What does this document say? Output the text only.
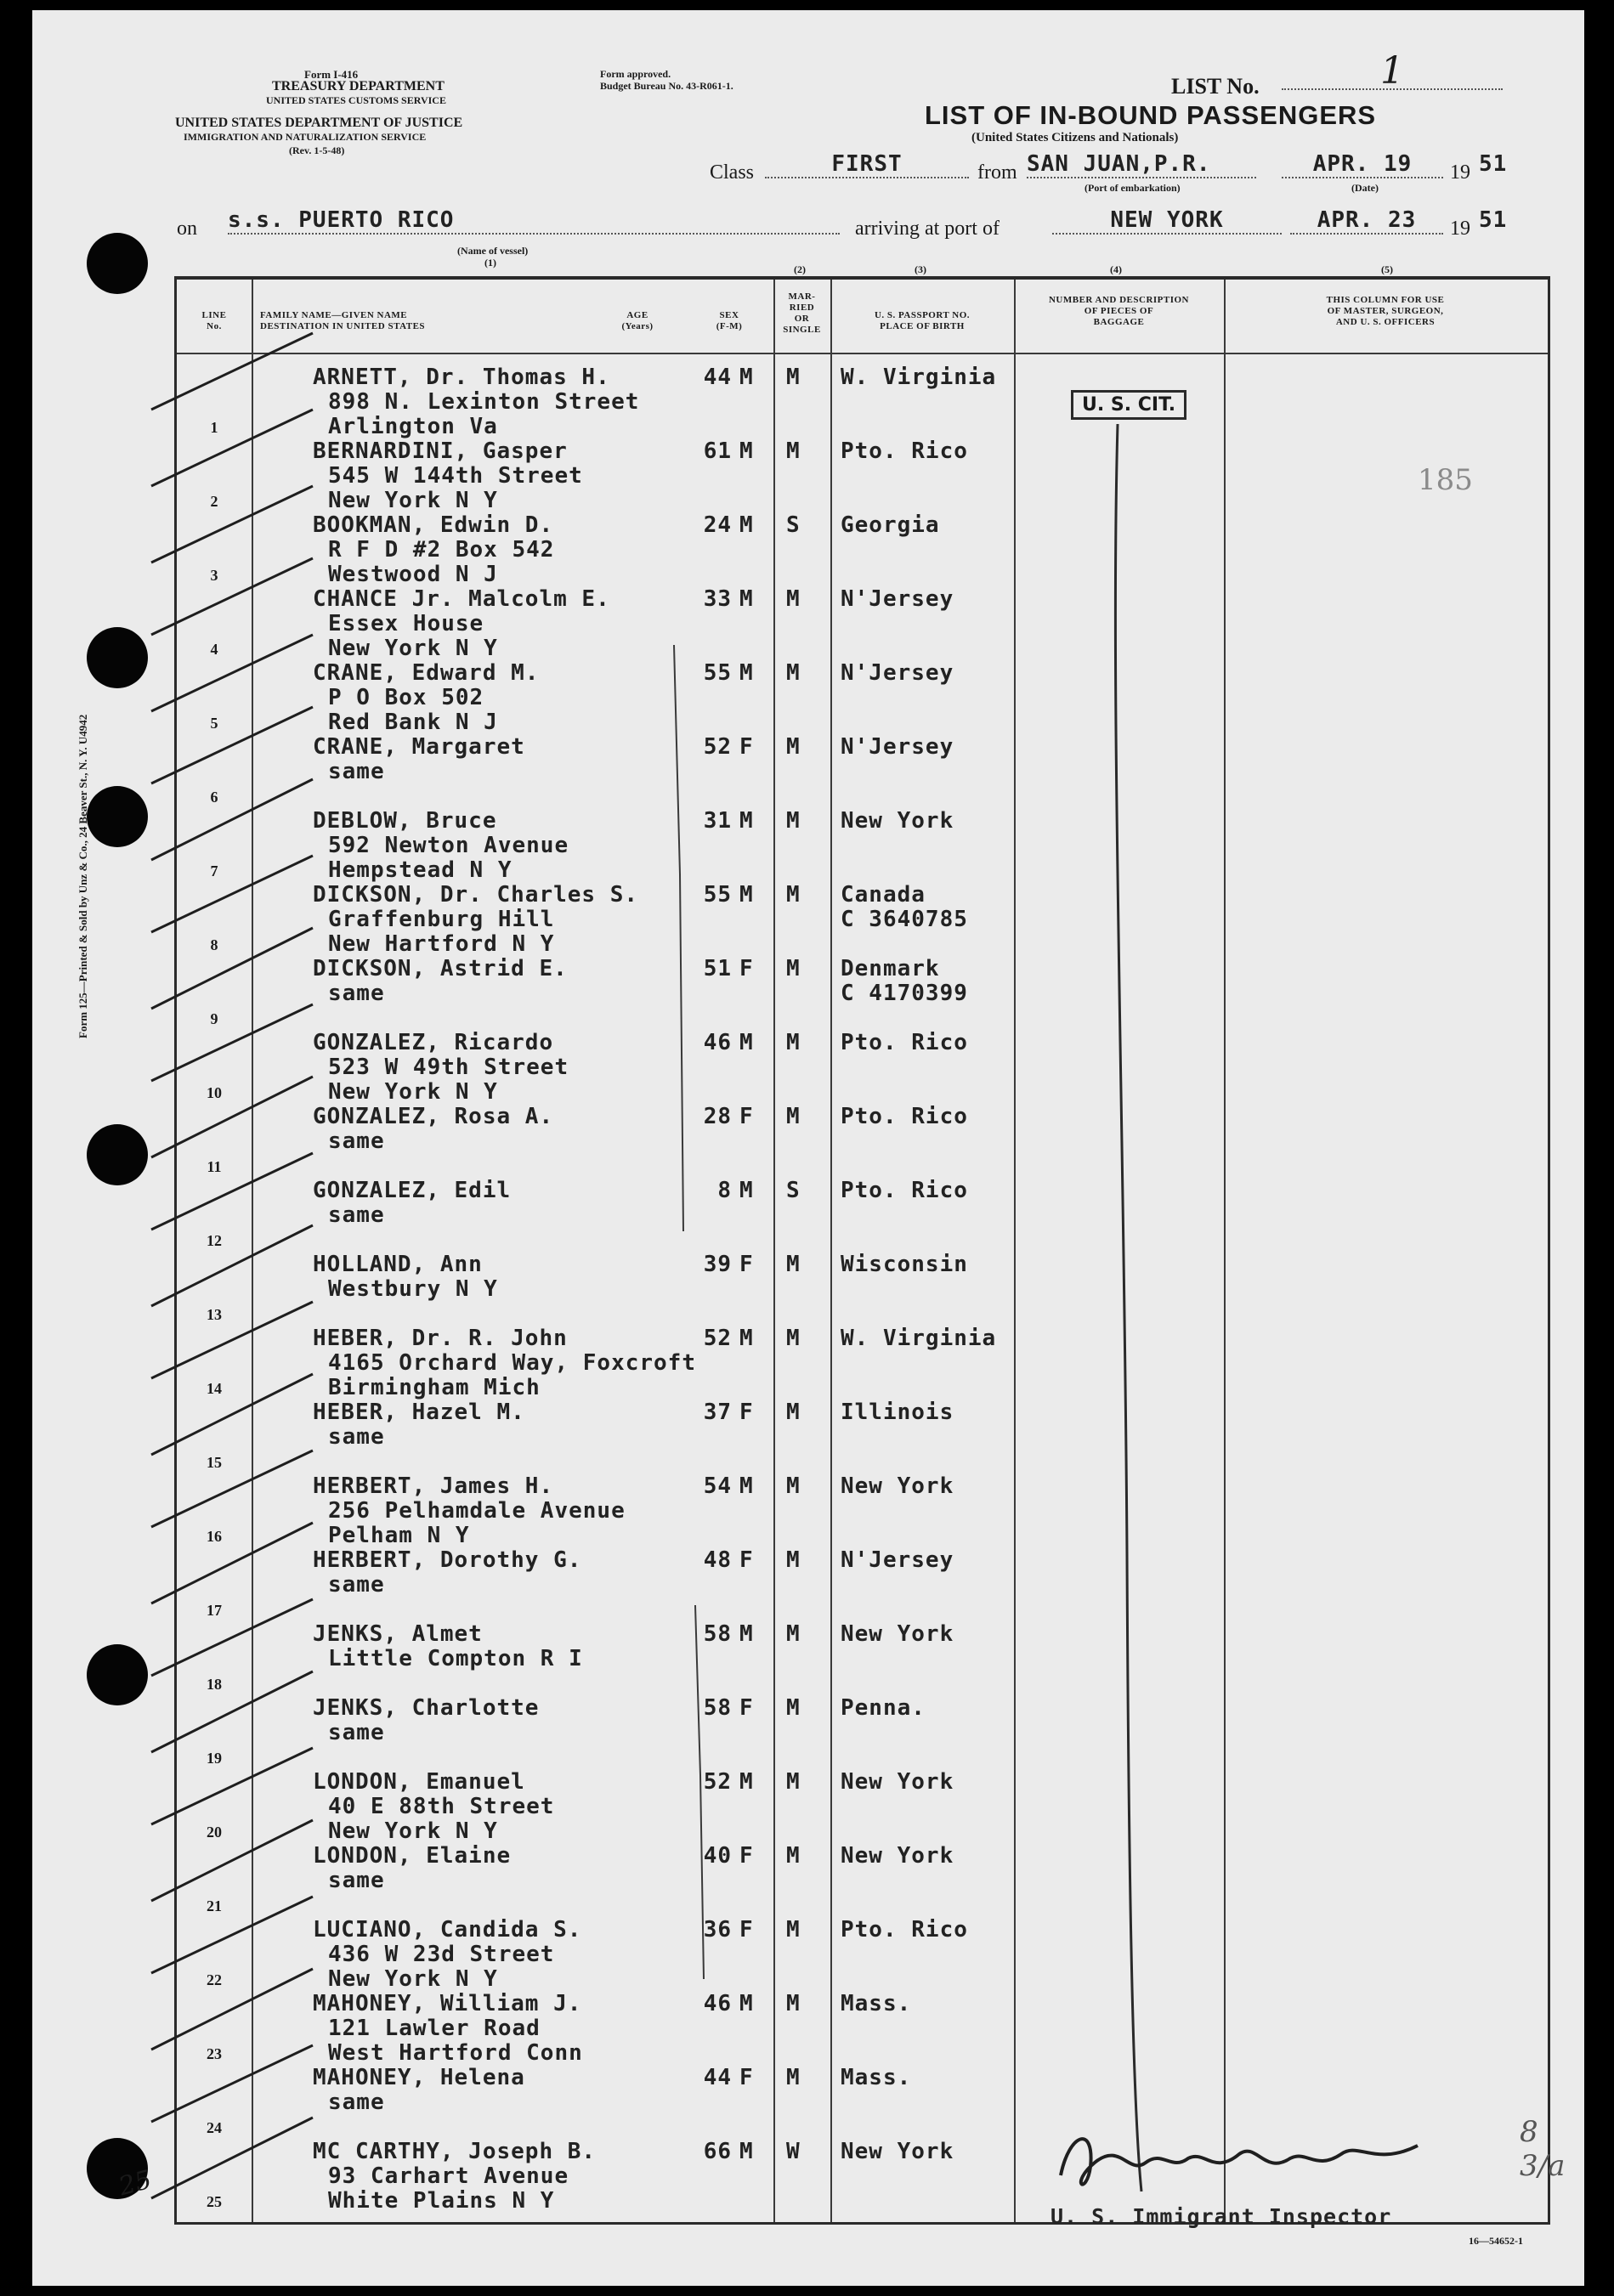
Form I-416
TREASURY DEPARTMENT
UNITED STATES CUSTOMS SERVICE
UNITED STATES DEPARTMENT OF JUSTICE
IMMIGRATION AND NATURALIZATION SERVICE
(Rev. 1-5-48)
Form approved.
Budget Bureau No. 43-R061-1.	LIST No.	1
LIST OF IN-BOUND PASSENGERS
(United States Citizens and Nationals)
Class	FIRST	from SAN JUAN,P.R.
(Port of embarkation)
APR. 19
(Date)
19 51
on s.s. PUERTO RICO
(Name of vessel)
(1)
arriving at port of	NEW YORK	APR. 23	19 51
(2)	(3)	(4)	(5)
Form 125—Printed & Sold by Unz & Co., 24 Beaver St., N. Y. U4942
LINE
No.
FAMILY NAME—GIVEN NAME
DESTINATION IN UNITED STATES
AGE
(Years)
SEX
(F-M)
MAR-
RIED
OR
SINGLE
U. S. PASSPORT NO.
PLACE OF BIRTH
NUMBER AND DESCRIPTION
OF PIECES OF
BAGGAGE
THIS COLUMN FOR USE
OF MASTER, SURGEON,
AND U. S. OFFICERS
1
ARNETT, Dr. Thomas H.
898 N. Lexinton Street
Arlington Va
44 M M W. Virginia
2
BERNARDINI, Gasper
545 W 144th Street
New York N Y
61 M M Pto. Rico
3
BOOKMAN, Edwin D.
R F D #2 Box 542
Westwood N J
24 M S Georgia
4
CHANCE Jr. Malcolm E.
Essex House
New York N Y
33 M M N'Jersey
5
CRANE, Edward M.
P O Box 502
Red Bank N J
55 M M N'Jersey
6
CRANE, Margaret
same
52 F M N'Jersey
7
DEBLOW, Bruce
592 Newton Avenue
Hempstead N Y
31 M M New York
8
DICKSON, Dr. Charles S.
Graffenburg Hill
New Hartford N Y
55 M M Canada
C 3640785
9
DICKSON, Astrid E.
same
51 F M Denmark
C 4170399
10
GONZALEZ, Ricardo
523 W 49th Street
New York N Y
46 M M Pto. Rico
11
GONZALEZ, Rosa A.
same
28 F M Pto. Rico
12
GONZALEZ, Edil
same
8 M S Pto. Rico
13
HOLLAND, Ann
Westbury N Y
39 F M Wisconsin
14
HEBER, Dr. R. John
4165 Orchard Way, Foxcroft
Birmingham Mich
52 M M W. Virginia
15
HEBER, Hazel M.
same
37 F M Illinois
16
HERBERT, James H.
256 Pelhamdale Avenue
Pelham N Y
54 M M New York
17
HERBERT, Dorothy G.
same
48 F M N'Jersey
18
JENKS, Almet
Little Compton R I
58 M M New York
19
JENKS, Charlotte
same
58 F M Penna.
20
LONDON, Emanuel
40 E 88th Street
New York N Y
52 M M New York
21
LONDON, Elaine
same
40 F M New York
22
LUCIANO, Candida S.
436 W 23d Street
New York N Y
36 F M Pto. Rico
23
MAHONEY, William J.
121 Lawler Road
West Hartford Conn
46 M M Mass.
24
MAHONEY, Helena
same
44 F M Mass.
25
MC CARTHY, Joseph B.
93 Carhart Avenue
White Plains N Y
66 M W New York
U. S. CIT.
185
8 3/a
25
U. S. Immigrant Inspector
16—54652-1
